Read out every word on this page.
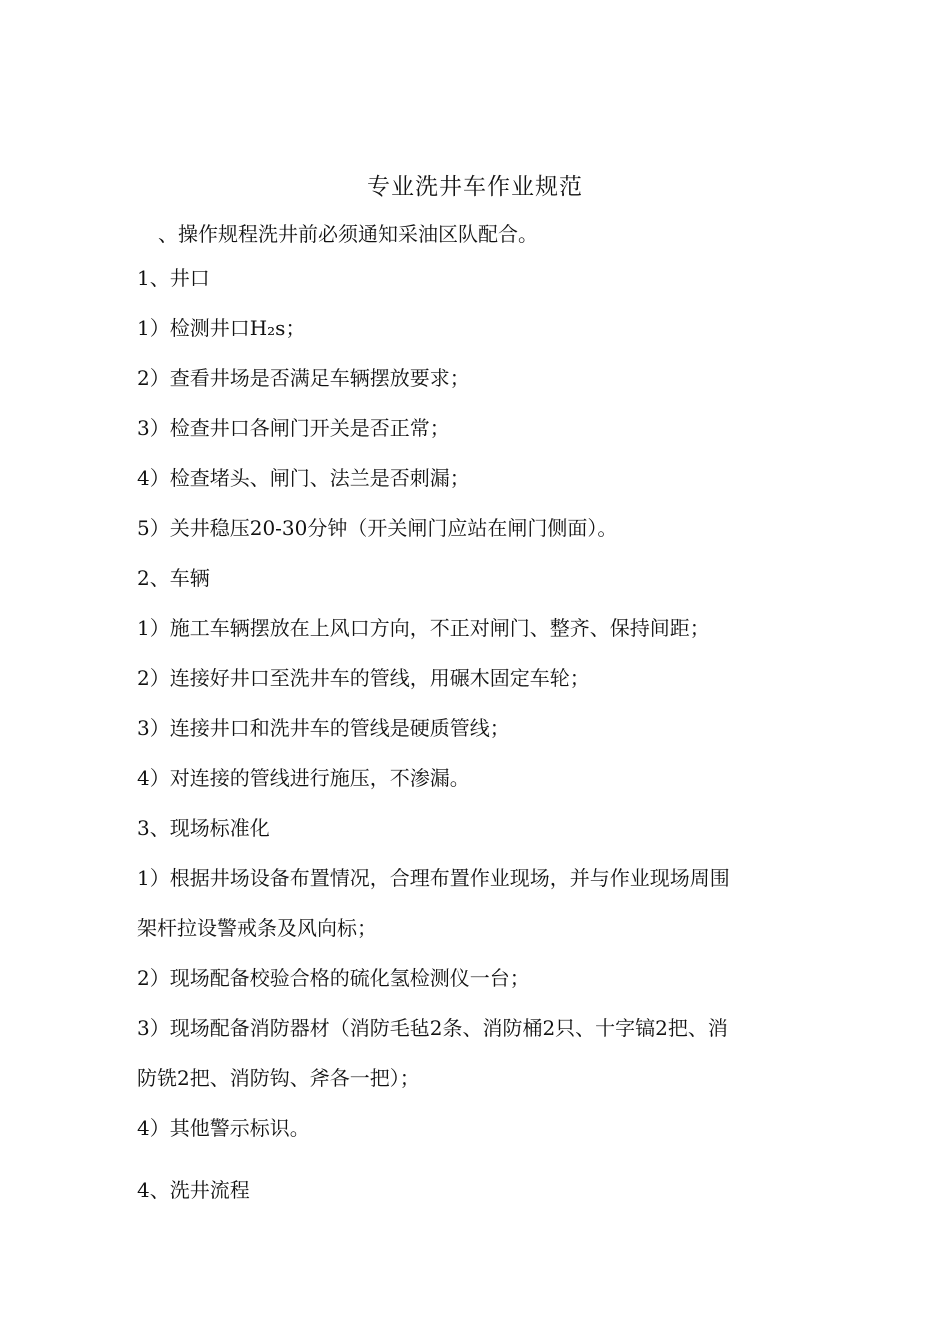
专业洗井车作业规范
、操作规程洗井前必须通知采油区队配合。
1、井口
1）检测井口H₂s；
2）查看井场是否满足车辆摆放要求；
3）检查井口各闸门开关是否正常；
4）检查堵头、闸门、法兰是否刺漏；
5）关井稳压20-30分钟（开关闸门应站在闸门侧面）。
2、车辆
1）施工车辆摆放在上风口方向，不正对闸门、整齐、保持间距；
2）连接好井口至洗井车的管线，用碾木固定车轮；
3）连接井口和洗井车的管线是硬质管线；
4）对连接的管线进行施压，不渗漏。
3、现场标准化
1）根据井场设备布置情况，合理布置作业现场，并与作业现场周围
架杆拉设警戒条及风向标；
2）现场配备校验合格的硫化氢检测仪一台；
3）现场配备消防器材（消防毛毡2条、消防桶2只、十字镐2把、消
防铣2把、消防钩、斧各一把）；
4）其他警示标识。
4、洗井流程
